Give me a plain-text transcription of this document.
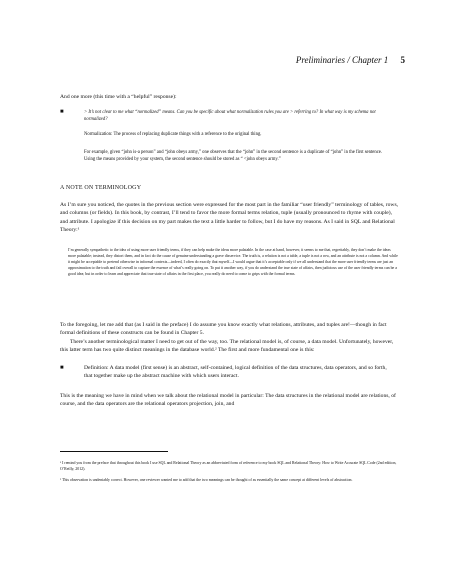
Preliminaries / Chapter 1 5
And one more (this time with a “helpful” response):
■	> It’s not clear to me what “normalized” means. Can you be specific about what normalization rules you are > referring to? In what way is my schema not normalized?
Normalization: The process of replacing duplicate things with a reference to the original thing.
For example, given “john is-a person” and “john obeys army,” one observes that the “john” in the second sentence is a duplicate of “john” in the first sentence. Using the means provided by your system, the second sentence should be stored as “ <john obeys army.”
A NOTE ON TERMINOLOGY
As I’m sure you noticed, the quotes in the previous section were expressed for the most part in the familiar “user friendly” terminology of tables, rows, and columns (or fields). In this book, by contrast, I’ll tend to favor the more formal terms relation, tuple (usually pronounced to rhyme with couple), and attribute. I apologize if this decision on my part makes the text a little harder to follow, but I do have my reasons. As I said in SQL and Relational Theory:¹
I’m generally sympathetic to the idea of using more user friendly terms, if they can help make the ideas more palatable. In the case at hand, however, it seems to me that, regrettably, they don’t make the ideas more palatable; instead, they distort them, and in fact do the cause of genuine understanding a grave disservice. The truth is, a relation is not a table, a tuple is not a row, and an attribute is not a column. And while it might be acceptable to pretend otherwise in informal contexts—indeed, I often do exactly that myself—I would argue that it’s acceptable only if we all understand that the more user friendly terms are just an approximation to the truth and fail overall to capture the essence of what’s really going on. To put it another way, if you do understand the true state of affairs, then judicious use of the user friendly terms can be a good idea; but in order to learn and appreciate that true state of affairs in the first place, you really do need to come to grips with the formal terms.
To the foregoing, let me add that (as I said in the preface) I do assume you know exactly what relations, attributes, and tuples are!—though in fact formal definitions of these constructs can be found in Chapter 5.
There’s another terminological matter I need to get out of the way, too. The relational model is, of course, a data model. Unfortunately, however, this latter term has two quite distinct meanings in the database world.² The first and more fundamental one is this:
■	Definition: A data model (first sense) is an abstract, self-contained, logical definition of the data structures, data operators, and so forth, that together make up the abstract machine with which users interact.
This is the meaning we have in mind when we talk about the relational model in particular: The data structures in the relational model are relations, of course, and the data operators are the relational operators projection, join, and
¹ I remind you from the preface that throughout this book I use SQL and Relational Theory as an abbreviated form of reference to my book SQL and Relational Theory: How to Write Accurate SQL Code (2nd edition, O’Reilly, 2012).
² This observation is undeniably correct. However, one reviewer wanted me to add that the two meanings can be thought of as essentially the same concept at different levels of abstraction.
